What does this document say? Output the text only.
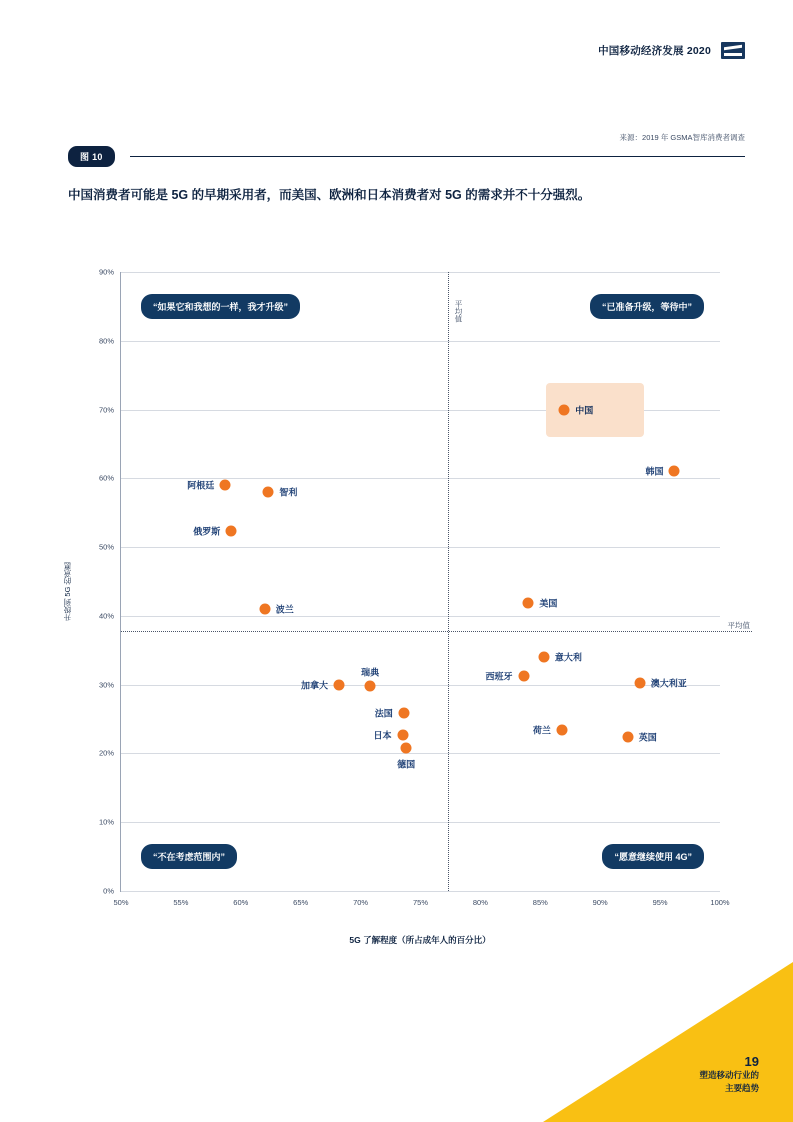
中国移动经济发展 2020
来源：2019 年 GSMA智库消费者调查
图 10
中国消费者可能是 5G 的早期采用者，而美国、欧洲和日本消费者对 5G 的需求并不十分强烈。
升级到 5G 的意愿
0%
10%
20%
30%
40%
50%
60%
70%
80%
90%
50%	55%	60%	65%	70%	75%	80%	85%	90%	95%	100%
平均值
平均值
“如果它和我想的一样，我才升级”	“已准备升级，等待中”
“不在考虑范围内”	“愿意继续使用 4G”
中国
韩国
阿根廷
智利
俄罗斯
美国
波兰
意大利
西班牙
澳大利亚
加拿大
瑞典
法国
荷兰
日本	英国
德国
5G 了解程度（所占成年人的百分比）
19
塑造移动行业的
主要趋势
